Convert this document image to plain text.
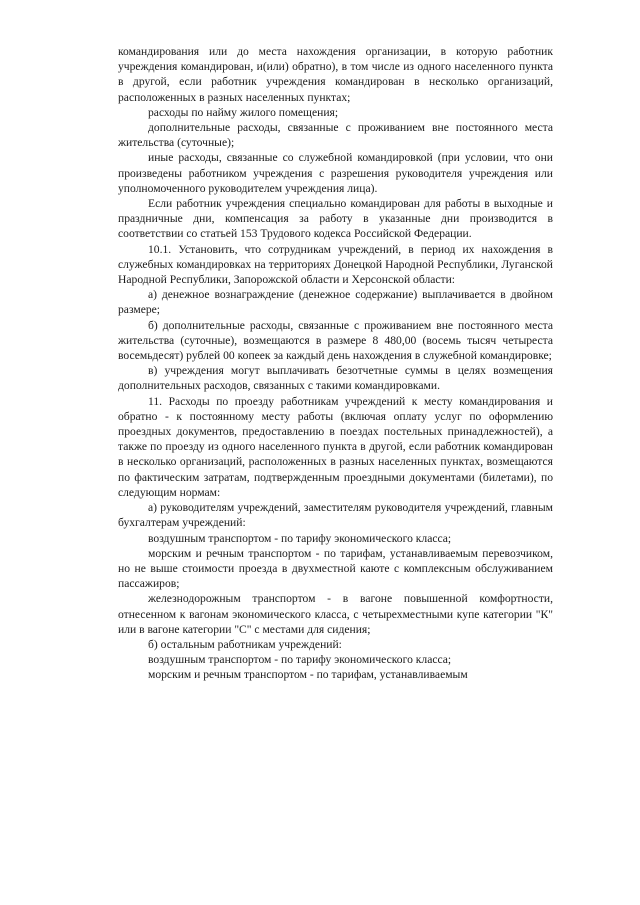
командирования или до места нахождения организации, в которую работник учреждения командирован, и(или) обратно), в том числе из одного населенного пункта в другой, если работник учреждения командирован в несколько организаций, расположенных в разных населенных пунктах;

расходы по найму жилого помещения;

дополнительные расходы, связанные с проживанием вне постоянного места жительства (суточные);

иные расходы, связанные со служебной командировкой (при условии, что они произведены работником учреждения с разрешения руководителя учреждения или уполномоченного руководителем учреждения лица).

Если работник учреждения специально командирован для работы в выходные и праздничные дни, компенсация за работу в указанные дни производится в соответствии со статьей 153 Трудового кодекса Российской Федерации.

10.1. Установить, что сотрудникам учреждений, в период их нахождения в служебных командировках на территориях Донецкой Народной Республики, Луганской Народной Республики, Запорожской области и Херсонской области:

а) денежное вознаграждение (денежное содержание) выплачивается в двойном размере;

б) дополнительные расходы, связанные с проживанием вне постоянного места жительства (суточные), возмещаются в размере 8 480,00 (восемь тысяч четыреста восемьдесят) рублей 00 копеек за каждый день нахождения в служебной командировке;

в) учреждения могут выплачивать безотчетные суммы в целях возмещения дополнительных расходов, связанных с такими командировками.

11. Расходы по проезду работникам учреждений к месту командирования и обратно - к постоянному месту работы (включая оплату услуг по оформлению проездных документов, предоставлению в поездах постельных принадлежностей), а также по проезду из одного населенного пункта в другой, если работник командирован в несколько организаций, расположенных в разных населенных пунктах, возмещаются по фактическим затратам, подтвержденным проездными документами (билетами), по следующим нормам:

а) руководителям учреждений, заместителям руководителя учреждений, главным бухгалтерам учреждений:

воздушным транспортом - по тарифу экономического класса;

морским и речным транспортом - по тарифам, устанавливаемым перевозчиком, но не выше стоимости проезда в двухместной каюте с комплексным обслуживанием пассажиров;

железнодорожным транспортом - в вагоне повышенной комфортности, отнесенном к вагонам экономического класса, с четырехместными купе категории "К" или в вагоне категории "С" с местами для сидения;

б) остальным работникам учреждений:

воздушным транспортом - по тарифу экономического класса;

морским и речным транспортом - по тарифам, устанавливаемым
